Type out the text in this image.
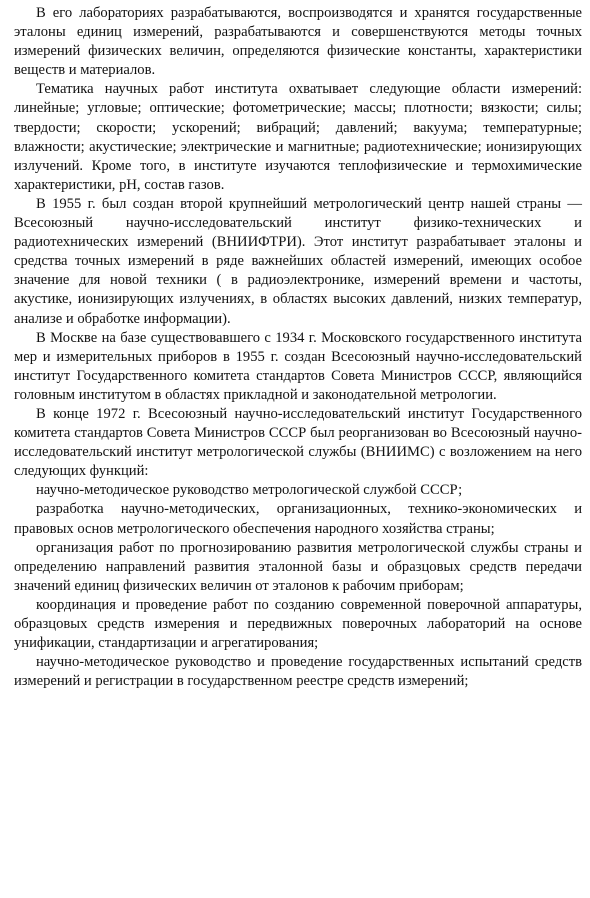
В его лабораториях разрабатываются, воспроизводятся и хранятся государственные эталоны единиц измерений, разрабатываются и совершенствуются методы точных измерений физических величин, определяются физические константы, характеристики веществ и материалов.

Тематика научных работ института охватывает следующие области измерений: линейные; угловые; оптические; фотометрические; массы; плотности; вязкости; силы; твердости; скорости; ускорений; вибраций; давлений; вакуума; температурные; влажности; акустические; электрические и магнитные; радиотехнические; ионизирующих излучений. Кроме того, в институте изучаются теплофизические и термохимические характеристики, pH, состав газов.

В 1955 г. был создан второй крупнейший метрологический центр нашей страны — Всесоюзный научно-исследовательский институт физико-технических и радиотехнических измерений (ВНИИФТРИ). Этот институт разрабатывает эталоны и средства точных измерений в ряде важнейших областей измерений, имеющих особое значение для новой техники ( в радиоэлектронике, измерений времени и частоты, акустике, ионизирующих излучениях, в областях высоких давлений, низких температур, анализе и обработке информации).

В Москве на базе существовавшего с 1934 г. Московского государственного института мер и измерительных приборов в 1955 г. создан Всесоюзный научно-исследовательский институт Государственного комитета стандартов Совета Министров СССР, являющийся головным институтом в областях прикладной и законодательной метрологии.

В конце 1972 г. Всесоюзный научно-исследовательский институт Государственного комитета стандартов Совета Министров СССР был реорганизован во Всесоюзный научно-исследовательский институт метрологической службы (ВНИИМС) с возложением на него следующих функций:

научно-методическое руководство метрологической службой СССР;

разработка научно-методических, организационных, технико-экономических и правовых основ метрологического обеспечения народного хозяйства страны;

организация работ по прогнозированию развития метрологической службы страны и определению направлений развития эталонной базы и образцовых средств передачи значений единиц физических величин от эталонов к рабочим приборам;

координация и проведение работ по созданию современной поверочной аппаратуры, образцовых средств измерения и передвижных поверочных лабораторий на основе унификации, стандартизации и агрегатирования;

научно-методическое руководство и проведение государственных испытаний средств измерений и регистрации в государственном реестре средств измерений;
